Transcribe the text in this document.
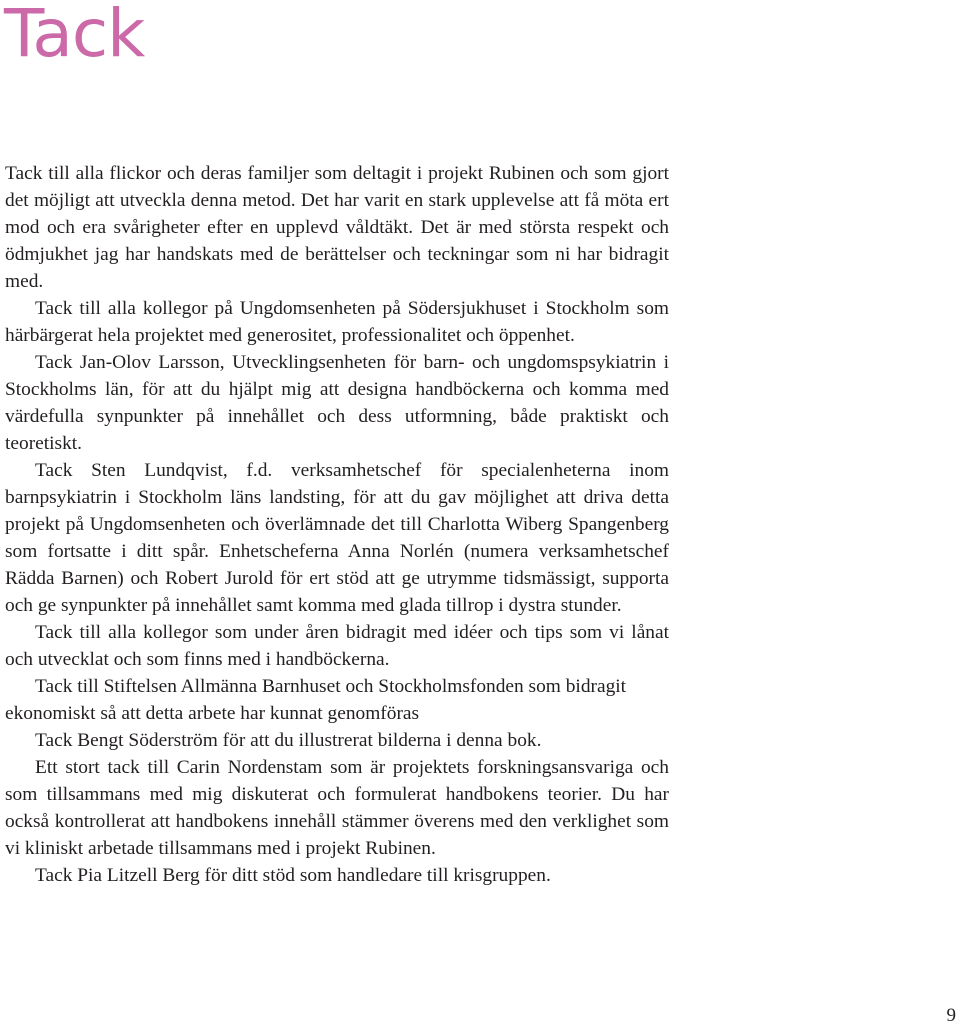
Tack

Tack till alla flickor och deras familjer som deltagit i projekt Rubinen och som gjort det möjligt att utveckla denna metod. Det har varit en stark upplevelse att få möta ert mod och era svårigheter efter en upplevd våldtäkt. Det är med största respekt och ödmjukhet jag har handskats med de berättelser och teckningar som ni har bidragit med.

Tack till alla kollegor på Ungdomsenheten på Södersjukhuset i Stockholm som härbärgerat hela projektet med generositet, professionalitet och öppenhet.

Tack Jan-Olov Larsson, Utvecklingsenheten för barn- och ungdomspsykiatrin i Stockholms län, för att du hjälpt mig att designa handböckerna och komma med värdefulla synpunkter på innehållet och dess utformning, både praktiskt och teoretiskt.

Tack Sten Lundqvist, f.d. verksamhetschef för specialenheterna inom barnpsykiatrin i Stockholm läns landsting, för att du gav möjlighet att driva detta projekt på Ungdomsenheten och överlämnade det till Charlotta Wiberg Spangenberg som fortsatte i ditt spår. Enhetscheferna Anna Norlén (numera verksamhetschef Rädda Barnen) och Robert Jurold för ert stöd att ge utrymme tidsmässigt, supporta och ge synpunkter på innehållet samt komma med glada tillrop i dystra stunder.

Tack till alla kollegor som under åren bidragit med idéer och tips som vi lånat och utvecklat och som finns med i handböckerna.

Tack till Stiftelsen Allmänna Barnhuset och Stockholmsfonden som bidragit ekonomiskt så att detta arbete har kunnat genomföras

Tack Bengt Söderström för att du illustrerat bilderna i denna bok.

Ett stort tack till Carin Nordenstam som är projektets forskningsansvariga och som tillsammans med mig diskuterat och formulerat handbokens teorier. Du har också kontrollerat att handbokens innehåll stämmer överens med den verklighet som vi kliniskt arbetade tillsammans med i projekt Rubinen.

Tack Pia Litzell Berg för ditt stöd som handledare till krisgruppen.

9
